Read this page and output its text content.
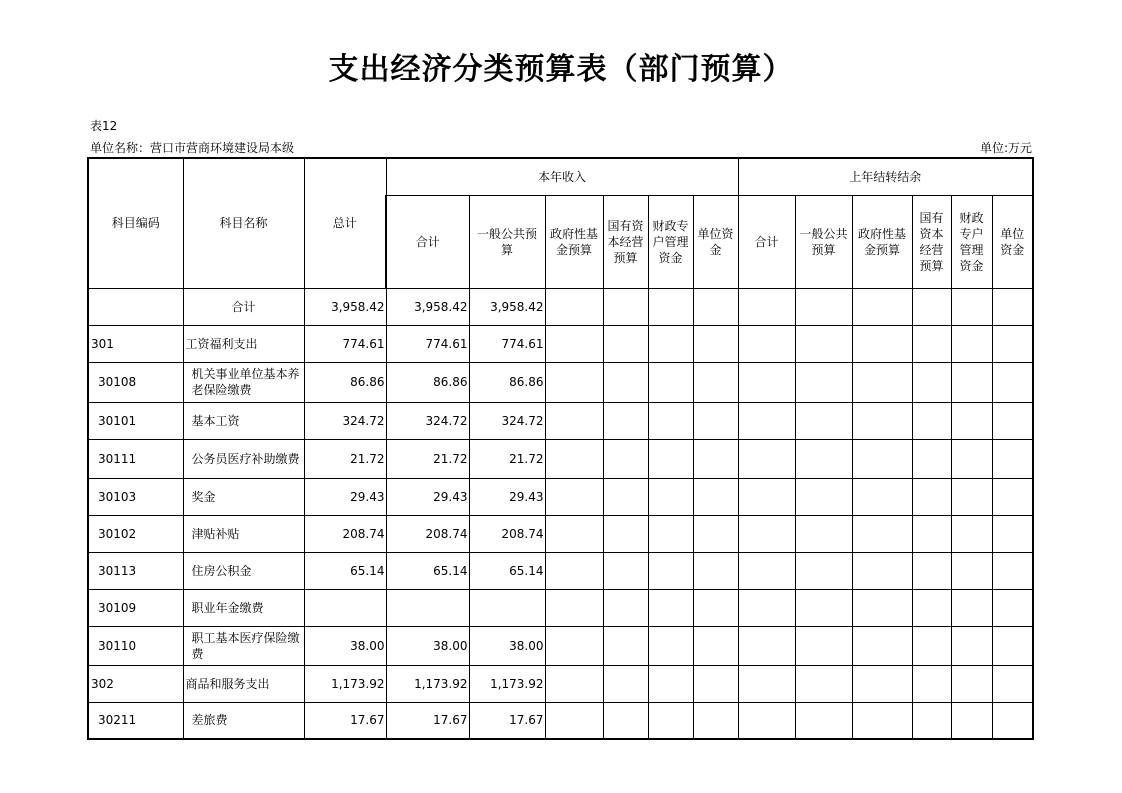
支出经济分类预算表（部门预算）
表12
单位名称：营口市营商环境建设局本级	单位:万元
科目编码	科目名称	总计	本年收入						上年结转结余					
			合计	一般公共预算	政府性基金预算	国有资本经营预算	财政专户管理资金	单位资金	合计	一般公共预算	政府性基金预算	国有资本经营预算	财政专户管理资金	单位资金
	合计	3,958.42	3,958.42	3,958.42										
301	工资福利支出	774.61	774.61	774.61										
30108	机关事业单位基本养老保险缴费	86.86	86.86	86.86										
30101	基本工资	324.72	324.72	324.72										
30111	公务员医疗补助缴费	21.72	21.72	21.72										
30103	奖金	29.43	29.43	29.43										
30102	津贴补贴	208.74	208.74	208.74										
30113	住房公积金	65.14	65.14	65.14										
30109	职业年金缴费													
30110	职工基本医疗保险缴费	38.00	38.00	38.00										
302	商品和服务支出	1,173.92	1,173.92	1,173.92										
30211	差旅费	17.67	17.67	17.67										
